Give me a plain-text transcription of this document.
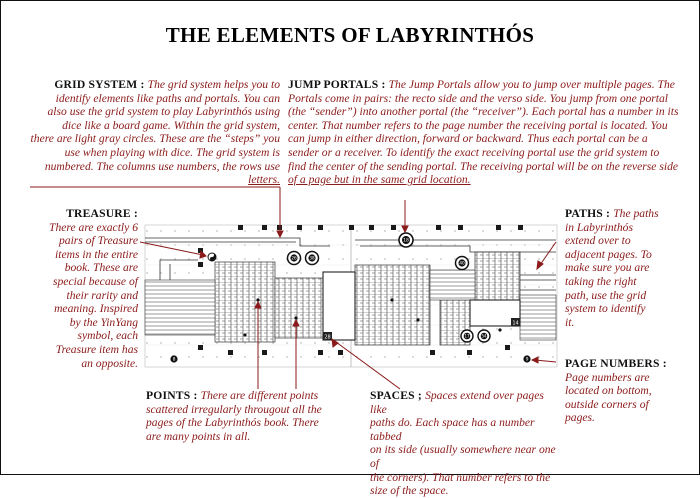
THE ELEMENTS OF LABYRINTHÓS
GRID SYSTEM : The grid system helps you to
identify elements like paths and portals. You can
also use the grid system to play Labyrinthós using
dice like a board game. Within the grid system,
there are light gray circles. These are the “steps” you
use when playing with dice. The grid system is
numbered. The columns use numbers, the rows use
letters.
JUMP PORTALS : The Jump Portals allow you to jump over multiple pages. The
Portals come in pairs: the recto side and the verso side. You jump from one portal
(the “sender”) into another portal (the “receiver”). Each portal has a number in its
center. That number refers to the page number the receiving portal is located. You
can jump in either direction, forward or backward. Thus each portal can be a
sender or a receiver. To identify the exact receiving portal use the grid system to
find the center of the sending portal. The receiving portal will be on the reverse side
of a page but in the same grid location.
TREASURE :
There are exactly 6
pairs of Treasure
items in the entire
book. These are
special because of
their rarity and
meaning. Inspired
by the YinYang
symbol, each
Treasure item has
an opposite.
PATHS : The paths
in Labyrinthós
extend over to
adjacent pages. To
make sure you are
taking the right
path, use the grid
system to identify
it.
PAGE NUMBERS :
Page numbers are
located on bottom,
outside corners of
pages.
POINTS : There are different points
scattered irregularly througout all the
pages of the Labyrinthós book. There
are many points in all.
SPACES ; Spaces extend over pages like
paths do. Each space has a number tabbed
on its side (usually somewhere near one of
the corners). That number refers to the
size of the space.
28
14
18
26	38
40
17	54
8	9
